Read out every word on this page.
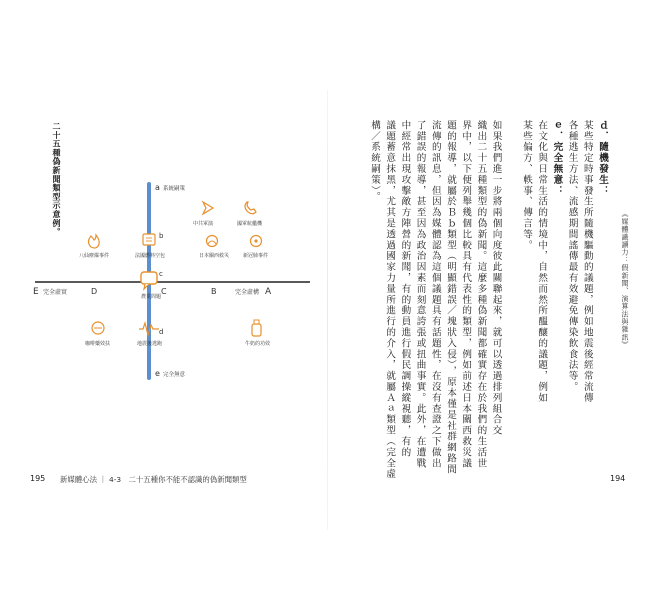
《媒體識讀力：假新聞、演算法與雜訊》
ｄ．隨機發生：
某些特定時事發生所隨機驅動的議題，例如地震後經常流傳
各種逃生方法、流感期間謠傳最有效避免傳染飲食法等。
ｅ．完全無意：
在文化與日常生活的情境中，自然而然所醞釀的議題，例如
某些偏方、軼事、傳言等。
如果我們進一步將兩個向度彼此關聯起來，就可以透過排列組合交
織出二十五種類型的偽新聞。這麼多種偽新聞都確實存在於我們的生活世
界中，以下便列舉幾個比較具有代表性的類型，例如前述日本關西救災議
題的報導，就屬於Ｂｂ類型（明顯錯誤／塊狀入侵），原本僅是社群網路間
流傳的訊息，但因為媒體認為這個議題具有話題性，在沒有查證之下做出
了錯誤的報導，甚至因為政治因素而刻意誇張或扭曲事實。此外，在遭戰
中經常出現攻擊敵方陣營的新聞，有的動員進行假民調操縱視聽，有的
議題蓄意抹黑，尤其是透過國家力量所進行的介入，就屬Ａａ類型（完全虛
構／系統嗣策）。
194
二十五種偽新聞類型示意例。
E 完全虛實	D	C	B	完全虛構 A
a 系統嗣策
b
c
d
e 完全無意
農業問題
中共軍演	國軍航艦機
八仙塵爆事件	法國燃料空包	日本關西救災	新冠肺事件
咖啡藥效扶	地震後逃跑	牛奶的功效
195 新媒體心法 ｜ 4-3　二十五種你不能不認識的偽新聞類型
